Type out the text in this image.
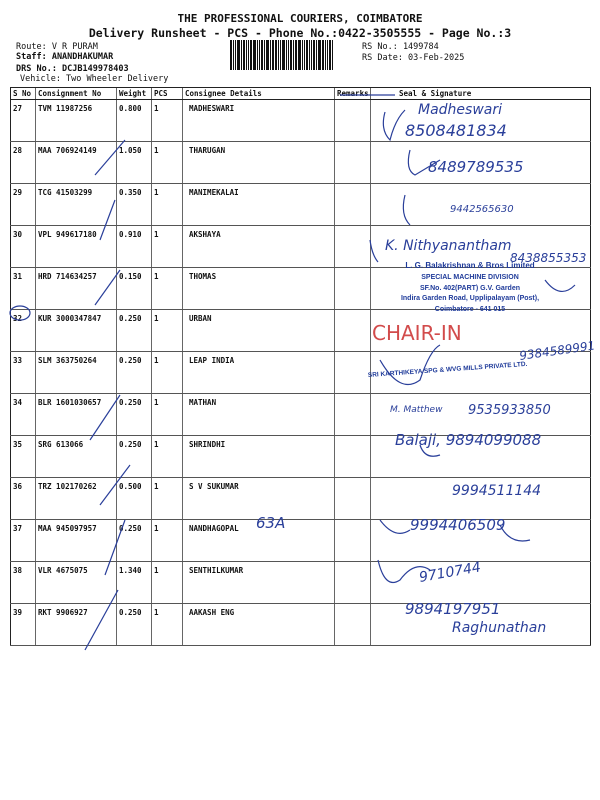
THE PROFESSIONAL COURIERS, COIMBATORE
Delivery Runsheet - PCS - Phone No.:0422-3505555 - Page No.:3
Route: V R PURAM
Staff: ANANDHAKUMAR
DRS No.: DCJB149978403
Vehicle: Two Wheeler Delivery
RS No.: 1499784
RS Date: 03-Feb-2025
S No	Consignment No	Weight	PCS	Consignee Details	Remarks	Seal & Signature
27	TVM 11987256	0.800	1	MADHESWARI		
28	MAA 706924149	1.050	1	THARUGAN		
29	TCG 41503299	0.350	1	MANIMEKALAI		
30	VPL 949617180	0.910	1	AKSHAYA		
31	HRD 714634257	0.150	1	THOMAS		
32	KUR 3000347847	0.250	1	URBAN		
33	SLM 363750264	0.250	1	LEAP INDIA		
34	BLR 1601030657	0.250	1	MATHAN		
35	SRG 613066	0.250	1	SHRINDHI		
36	TRZ 102170262	0.500	1	S V SUKUMAR		
37	MAA 945097957	0.250	1	NANDHAGOPAL		
38	VLR 4675075	1.340	1	SENTHILKUMAR		
39	RKT 9906927	0.250	1	AAKASH ENG		
Madheswari
8508481834
8489789535
9442565630
K. Nithyanantham
8438855353
L. G. Balakrishnan & Bros Limited
SPECIAL MACHINE DIVISION
SF.No. 402(PART) G.V. Garden
Indira Garden Road, Upplipalayam (Post),
Coimbatore - 641 015
CHAIR-IN
SRI KARTHIKEYA SPG & WVG MILLS PRIVATE LTD.
9384589991
M. Matthew 9535933850
Balaji, 9894099088
9994511144
63A	9994406509
9710744
9894197951
Raghunathan
